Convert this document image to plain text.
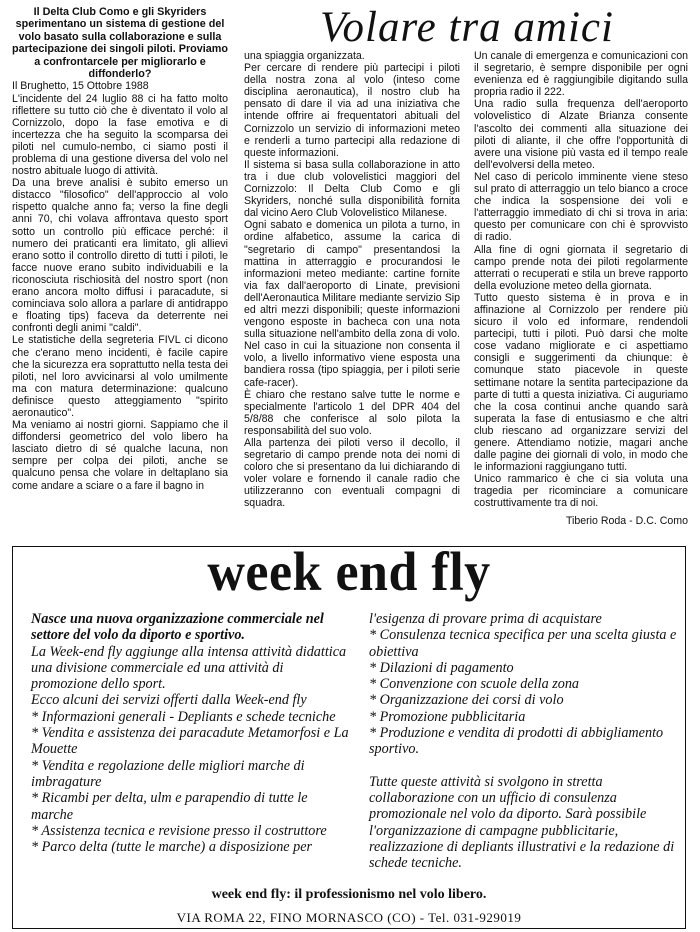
Volare tra amici

Il Delta Club Como e gli Skyriders sperimentano un sistema di gestione del volo basato sulla collaborazione e sulla partecipazione dei singoli piloti. Proviamo a confrontarcele per migliorarlo e diffonderlo?

Il Brughetto, 15 Ottobre 1988

L'incidente del 24 luglio 88 ci ha fatto molto riflettere su tutto ciò che è diventato il volo al Cornizzolo, dopo la fase emotiva e di incertezza che ha seguito la scomparsa dei piloti nel cumulo-nembo, ci siamo posti il problema di una gestione diversa del volo nel nostro abituale luogo di attività.

Da una breve analisi è subito emerso un distacco "filosofico" dell'approccio al volo rispetto qualche anno fa; verso la fine degli anni 70, chi volava affrontava questo sport sotto un controllo più efficace perché: il numero dei praticanti era limitato, gli allievi erano sotto il controllo diretto di tutti i piloti, le facce nuove erano subito individuabili e la riconosciuta rischiosità del nostro sport (non erano ancora molto diffusi i paracadute, si cominciava solo allora a parlare di antidrappo e floating tips) faceva da deterrente nei confronti degli animi "caldi".

Le statistiche della segreteria FIVL ci dicono che c'erano meno incidenti, è facile capire che la sicurezza era soprattutto nella testa dei piloti, nel loro avvicinarsi al volo umilmente ma con matura determinazione: qualcuno definisce questo atteggiamento "spirito aeronautico".

Ma veniamo ai nostri giorni. Sappiamo che il diffondersi geometrico del volo libero ha lasciato dietro di sé qualche lacuna, non sempre per colpa dei piloti, anche se qualcuno pensa che volare in deltaplano sia come andare a sciare o a fare il bagno in

una spiaggia organizzata.

Per cercare di rendere più partecipi i piloti della nostra zona al volo (inteso come disciplina aeronautica), il nostro club ha pensato di dare il via ad una iniziativa che intende offrire ai frequentatori abituali del Cornizzolo un servizio di informazioni meteo e renderli a turno partecipi alla redazione di queste informazioni.

Il sistema si basa sulla collaborazione in atto tra i due club volovelistici maggiori del Cornizzolo: Il Delta Club Como e gli Skyriders, nonché sulla disponibilità fornita dal vicino Aero Club Volovelistico Milanese.

Ogni sabato e domenica un pilota a turno, in ordine alfabetico, assume la carica di "segretario di campo" presentandosi la mattina in atterraggio e procurandosi le informazioni meteo mediante: cartine fornite via fax dall'aeroporto di Linate, previsioni dell'Aeronautica Militare mediante servizio Sip ed altri mezzi disponibili; queste informazioni vengono esposte in bacheca con una nota sulla situazione nell'ambito della zona di volo. Nel caso in cui la situazione non consenta il volo, a livello informativo viene esposta una bandiera rossa (tipo spiaggia, per i piloti serie cafe-racer).

È chiaro che restano salve tutte le norme e specialmente l'articolo 1 del DPR 404 del 5/8/88 che conferisce al solo pilota la responsabilità del suo volo.

Alla partenza dei piloti verso il decollo, il segretario di campo prende nota dei nomi di coloro che si presentano da lui dichiarando di voler volare e fornendo il canale radio che utilizzeranno con eventuali compagni di squadra.

Un canale di emergenza e comunicazioni con il segretario, è sempre disponibile per ogni evenienza ed è raggiungibile digitando sulla propria radio il 222.

Una radio sulla frequenza dell'aeroporto volovelistico di Alzate Brianza consente l'ascolto dei commenti alla situazione dei piloti di aliante, il che offre l'opportunità di avere una visione più vasta ed il tempo reale dell'evolversi della meteo.

Nel caso di pericolo imminente viene steso sul prato di atterraggio un telo bianco a croce che indica la sospensione dei voli e l'atterraggio immediato di chi si trova in aria: questo per comunicare con chi è sprovvisto di radio.

Alla fine di ogni giornata il segretario di campo prende nota dei piloti regolarmente atterrati o recuperati e stila un breve rapporto della evoluzione meteo della giornata.

Tutto questo sistema è in prova e in affinazione al Cornizzolo per rendere più sicuro il volo ed informare, rendendoli partecipi, tutti i piloti. Può darsi che molte cose vadano migliorate e ci aspettiamo consigli e suggerimenti da chiunque: è comunque stato piacevole in queste settimane notare la sentita partecipazione da parte di tutti a questa iniziativa. Ci auguriamo che la cosa continui anche quando sarà superata la fase di entusiasmo e che altri club riescano ad organizzare servizi del genere. Attendiamo notizie, magari anche dalle pagine dei giornali di volo, in modo che le informazioni raggiungano tutti.

Unico rammarico è che ci sia voluta una tragedia per ricominciare a comunicare costruttivamente tra di noi.

Tiberio Roda - D.C. Como
week end fly

Nasce una nuova organizzazione commerciale nel settore del volo da diporto e sportivo.

La Week-end fly aggiunge alla intensa attività didattica una divisione commerciale ed una attività di promozione dello sport.

Ecco alcuni dei servizi offerti dalla Week-end fly

* Informazioni generali - Depliants e schede tecniche

* Vendita e assistenza dei paracadute Metamorfosi e La Mouette

* Vendita e regolazione delle migliori marche di imbragature

* Ricambi per delta, ulm e parapendio di tutte le marche

* Assistenza tecnica e revisione presso il costruttore

* Parco delta (tutte le marche) a disposizione per

l'esigenza di provare prima di acquistare

* Consulenza tecnica specifica per una scelta giusta e obiettiva

* Dilazioni di pagamento

* Convenzione con scuole della zona

* Organizzazione dei corsi di volo

* Promozione pubblicitaria

* Produzione e vendita di prodotti di abbigliamento sportivo.

Tutte queste attività si svolgono in stretta collaborazione con un ufficio di consulenza promozionale nel volo da diporto. Sarà possibile l'organizzazione di campagne pubblicitarie, realizzazione di depliants illustrativi e la redazione di schede tecniche.

week end fly: il professionismo nel volo libero.
VIA ROMA 22, FINO MORNASCO (CO) - Tel. 031-929019
